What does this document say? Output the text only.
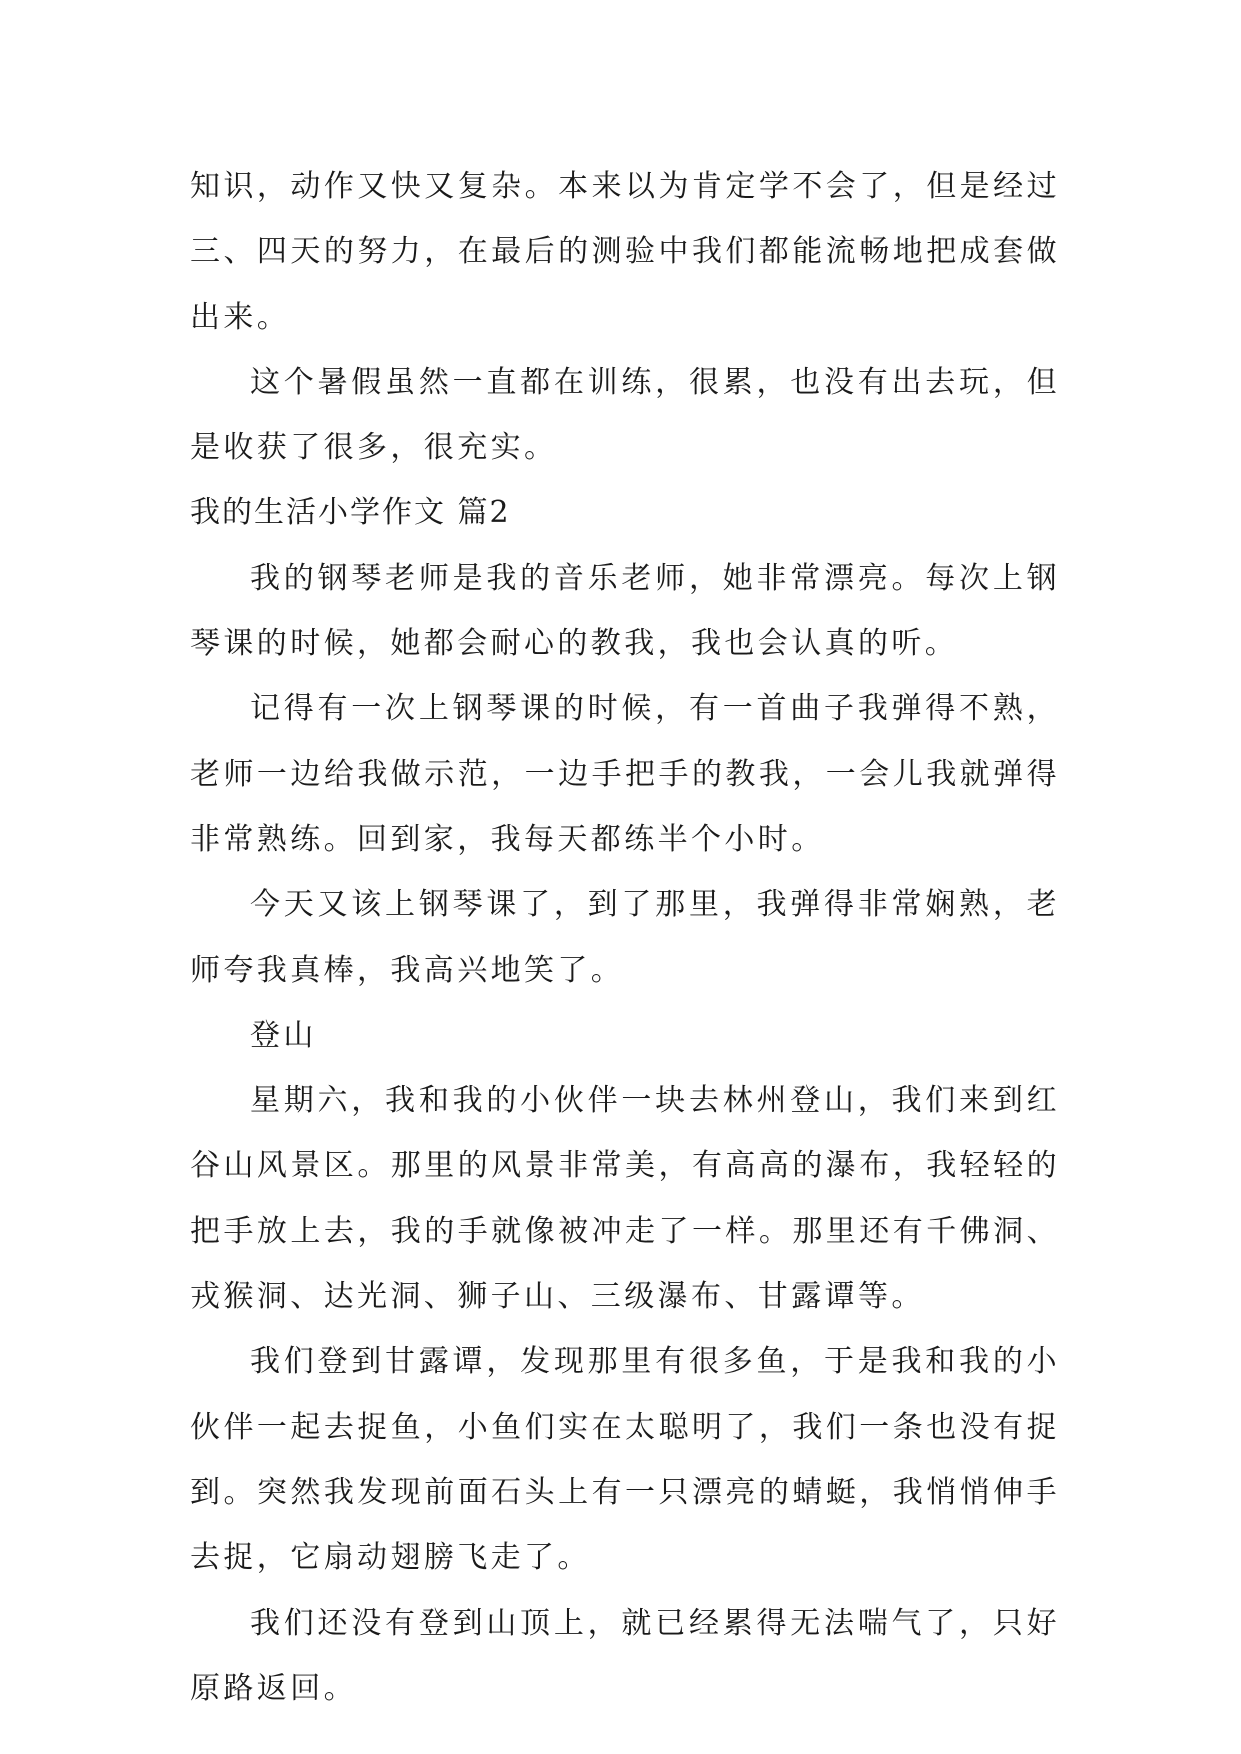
知识，动作又快又复杂。本来以为肯定学不会了，但是经过三、四天的努力，在最后的测验中我们都能流畅地把成套做出来。

这个暑假虽然一直都在训练，很累，也没有出去玩，但是收获了很多，很充实。

我的生活小学作文 篇2

我的钢琴老师是我的音乐老师，她非常漂亮。每次上钢琴课的时候，她都会耐心的教我，我也会认真的听。

记得有一次上钢琴课的时候，有一首曲子我弹得不熟，老师一边给我做示范，一边手把手的教我，一会儿我就弹得非常熟练。回到家，我每天都练半个小时。

今天又该上钢琴课了，到了那里，我弹得非常娴熟，老师夸我真棒，我高兴地笑了。

登山

星期六，我和我的小伙伴一块去林州登山，我们来到红谷山风景区。那里的风景非常美，有高高的瀑布，我轻轻的把手放上去，我的手就像被冲走了一样。那里还有千佛洞、戎猴洞、达光洞、狮子山、三级瀑布、甘露谭等。

我们登到甘露谭，发现那里有很多鱼，于是我和我的小伙伴一起去捉鱼，小鱼们实在太聪明了，我们一条也没有捉到。突然我发现前面石头上有一只漂亮的蜻蜓，我悄悄伸手去捉，它扇动翅膀飞走了。

我们还没有登到山顶上，就已经累得无法喘气了，只好原路返回。
